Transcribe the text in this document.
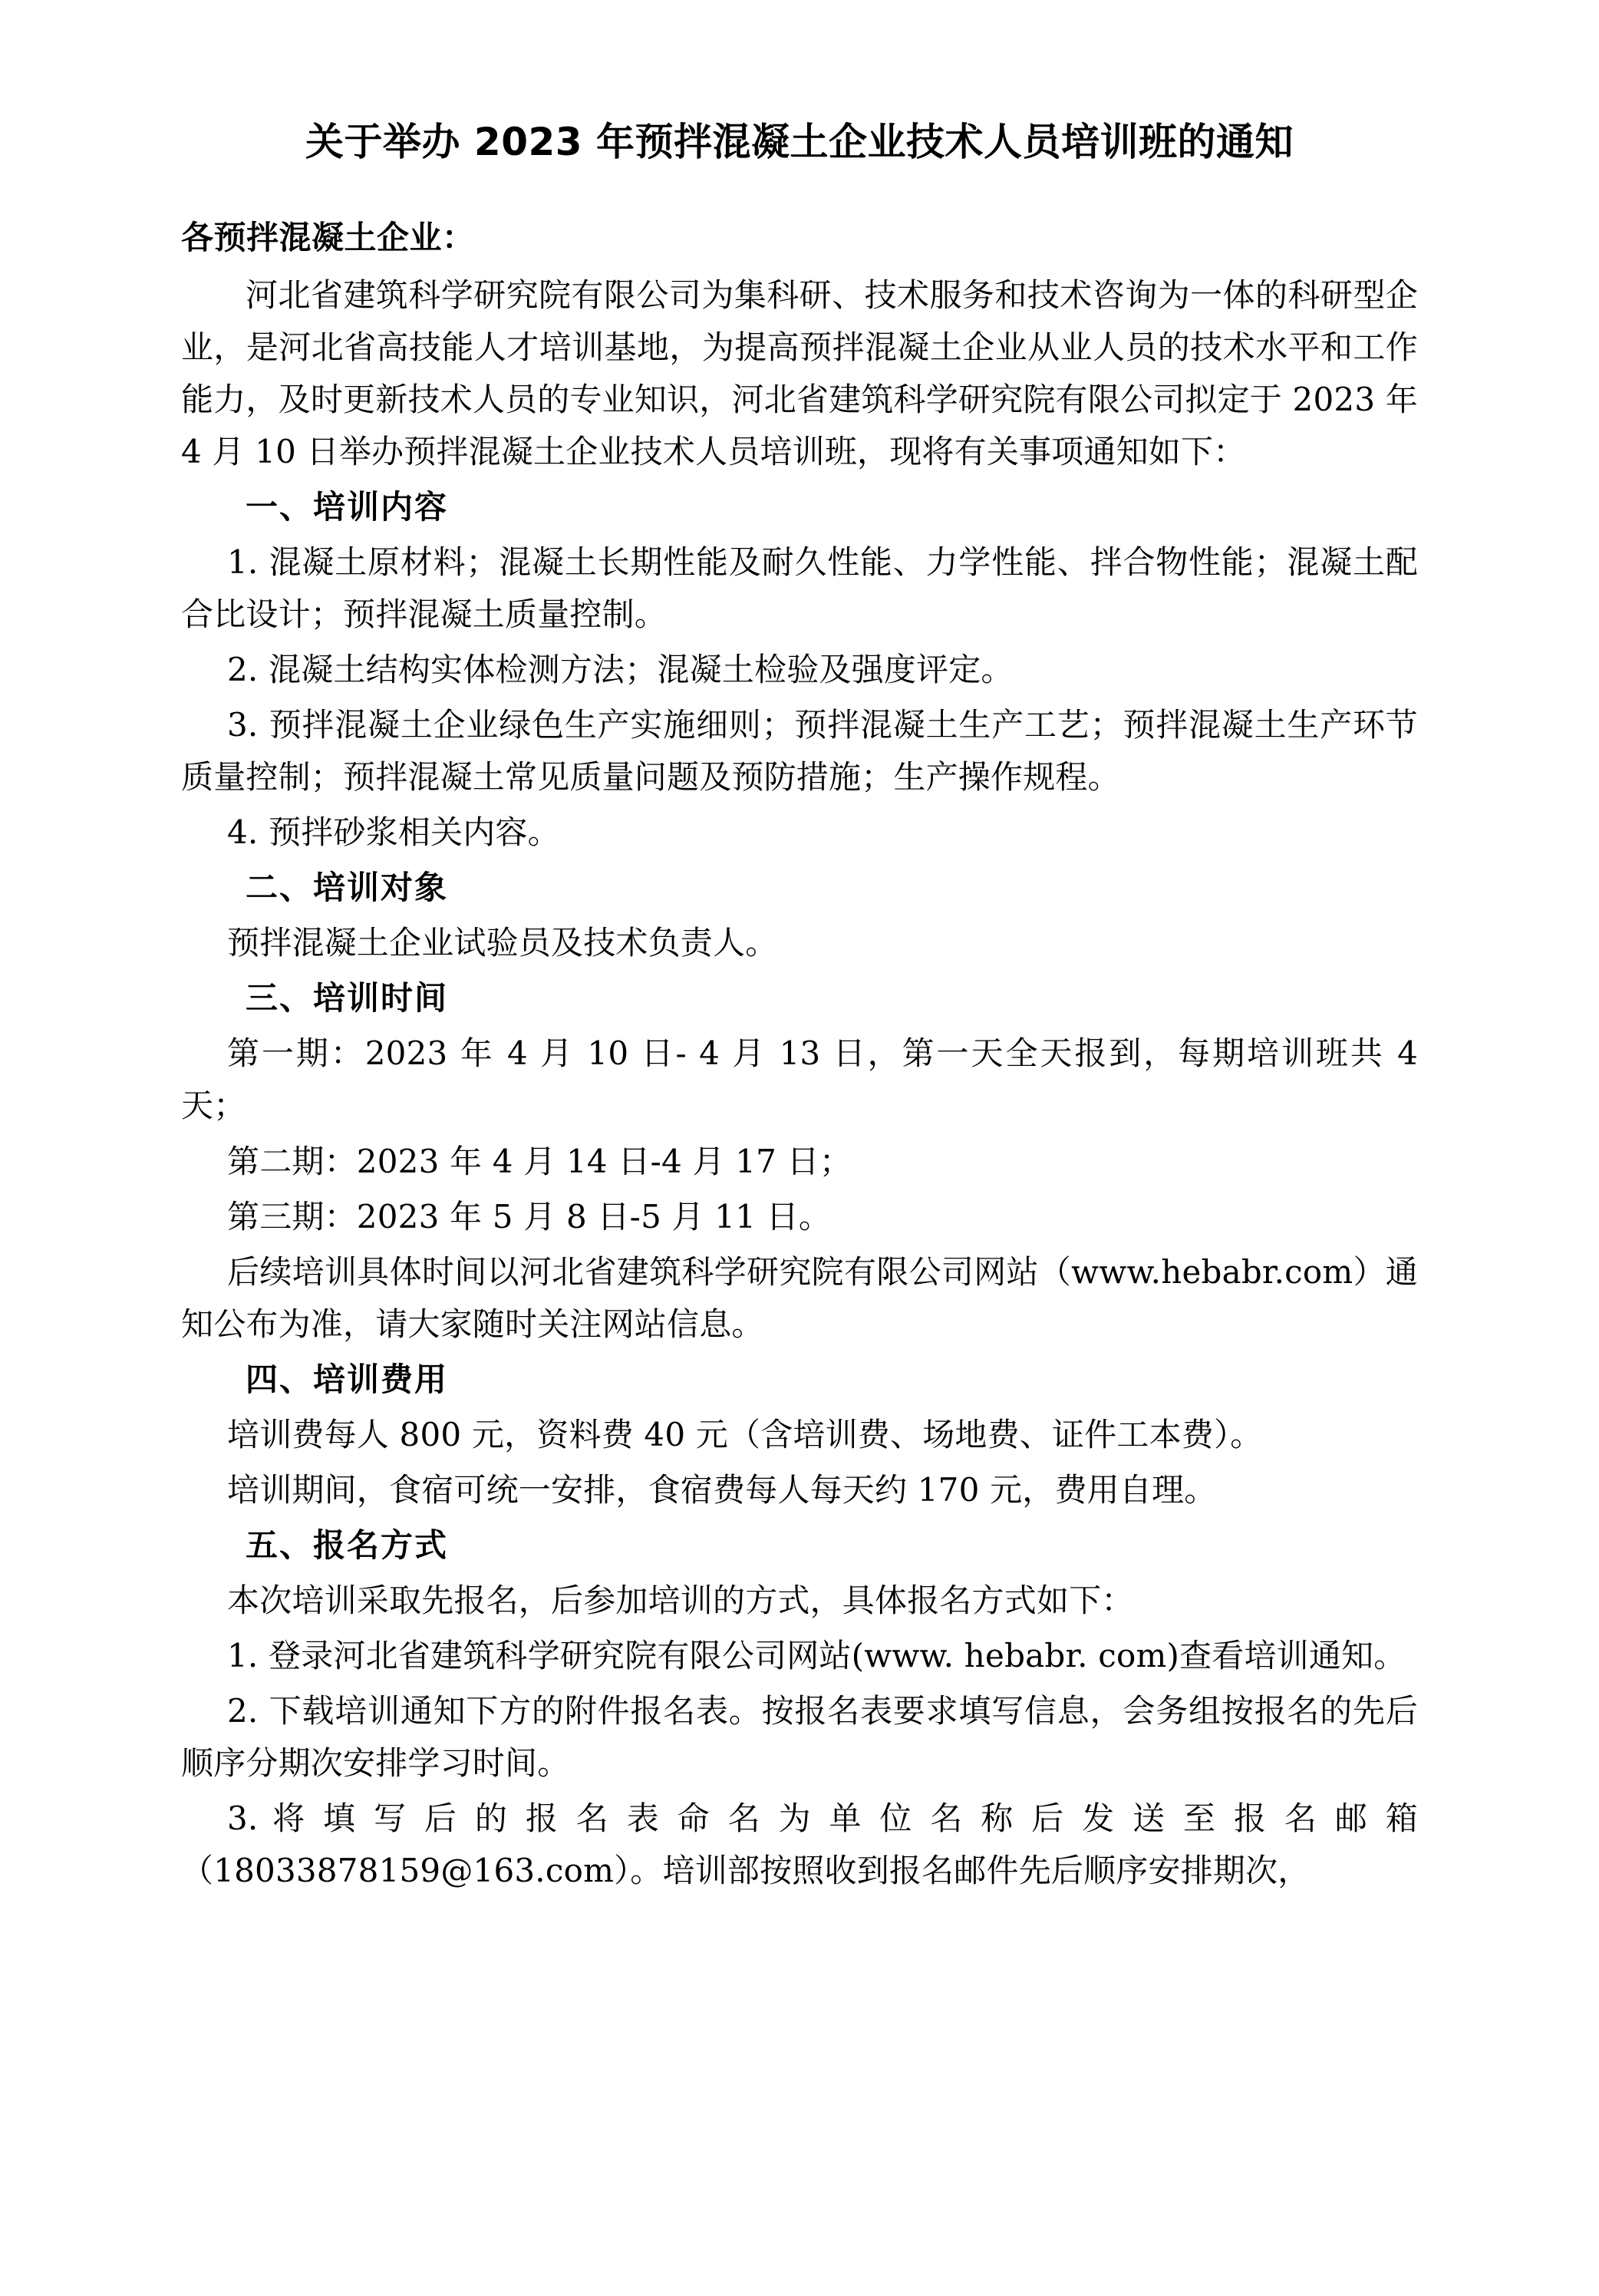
关于举办 2023 年预拌混凝土企业技术人员培训班的通知

各预拌混凝土企业：

河北省建筑科学研究院有限公司为集科研、技术服务和技术咨询为一体的科研型企业，是河北省高技能人才培训基地，为提高预拌混凝土企业从业人员的技术水平和工作能力，及时更新技术人员的专业知识，河北省建筑科学研究院有限公司拟定于 2023 年 4 月 10 日举办预拌混凝土企业技术人员培训班，现将有关事项通知如下：

一、培训内容

1. 混凝土原材料；混凝土长期性能及耐久性能、力学性能、拌合物性能；混凝土配合比设计；预拌混凝土质量控制。

2. 混凝土结构实体检测方法；混凝土检验及强度评定。

3. 预拌混凝土企业绿色生产实施细则；预拌混凝土生产工艺；预拌混凝土生产环节质量控制；预拌混凝土常见质量问题及预防措施；生产操作规程。

4. 预拌砂浆相关内容。

二、培训对象

预拌混凝土企业试验员及技术负责人。

三、培训时间

第一期：2023 年 4 月 10 日- 4 月 13 日，第一天全天报到，每期培训班共 4 天；

第二期：2023 年 4 月 14 日-4 月 17 日；

第三期：2023 年 5 月 8 日-5 月 11 日。

后续培训具体时间以河北省建筑科学研究院有限公司网站（www.hebabr.com）通知公布为准，请大家随时关注网站信息。

四、培训费用

培训费每人 800 元，资料费 40 元（含培训费、场地费、证件工本费）。

培训期间，食宿可统一安排，食宿费每人每天约 170 元，费用自理。

五、报名方式

本次培训采取先报名，后参加培训的方式，具体报名方式如下：

1. 登录河北省建筑科学研究院有限公司网站(www. hebabr. com)查看培训通知。

2. 下载培训通知下方的附件报名表。按报名表要求填写信息，会务组按报名的先后顺序分期次安排学习时间。

3. 将 填 写 后 的 报 名 表 命 名 为 单 位 名 称 后 发 送 至 报 名 邮 箱（18033878159@163.com）。培训部按照收到报名邮件先后顺序安排期次，
